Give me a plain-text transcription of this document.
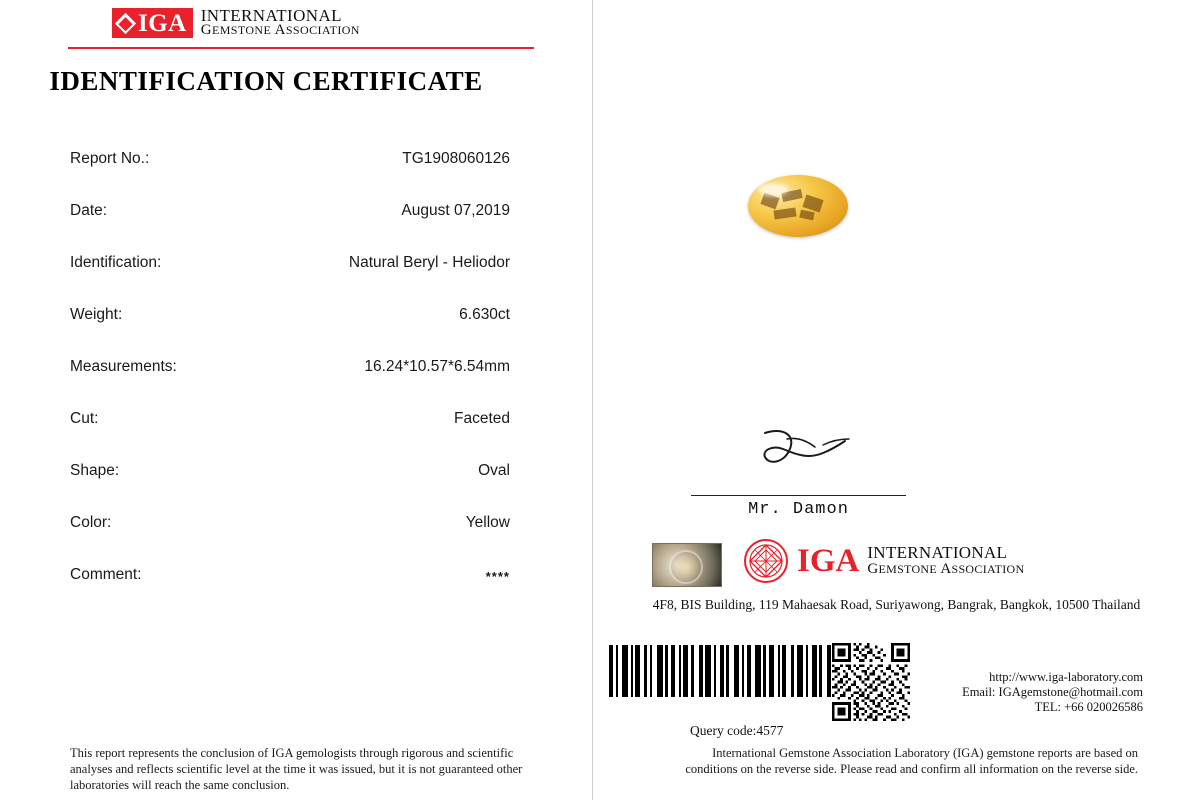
IGA INTERNATIONAL
GEMSTONE ASSOCIATION
IDENTIFICATION CERTIFICATE
Report No.:	TG1908060126
Date:	August 07,2019
Identification:	Natural Beryl - Heliodor
Weight:	6.630ct
Measurements:	16.24*10.57*6.54mm
Cut:	Faceted
Shape:	Oval
Color:	Yellow
Comment:	****
This report represents the conclusion of IGA gemologists through rigorous and scientific analyses and reflects scientific level at the time it was issued, but it is not guaranteed other laboratories will reach the same conclusion.
Mr. Damon
IGA INTERNATIONAL
GEMSTONE ASSOCIATION
4F8, BIS Building, 119 Mahaesak Road, Suriyawong, Bangrak, Bangkok, 10500 Thailand
http://www.iga-laboratory.com
Email: IGAgemstone@hotmail.com
TEL: +66 020026586
Query code:4577
International Gemstone Association Laboratory (IGA) gemstone reports are based on conditions on the reverse side. Please read and confirm all information on the reverse side.
